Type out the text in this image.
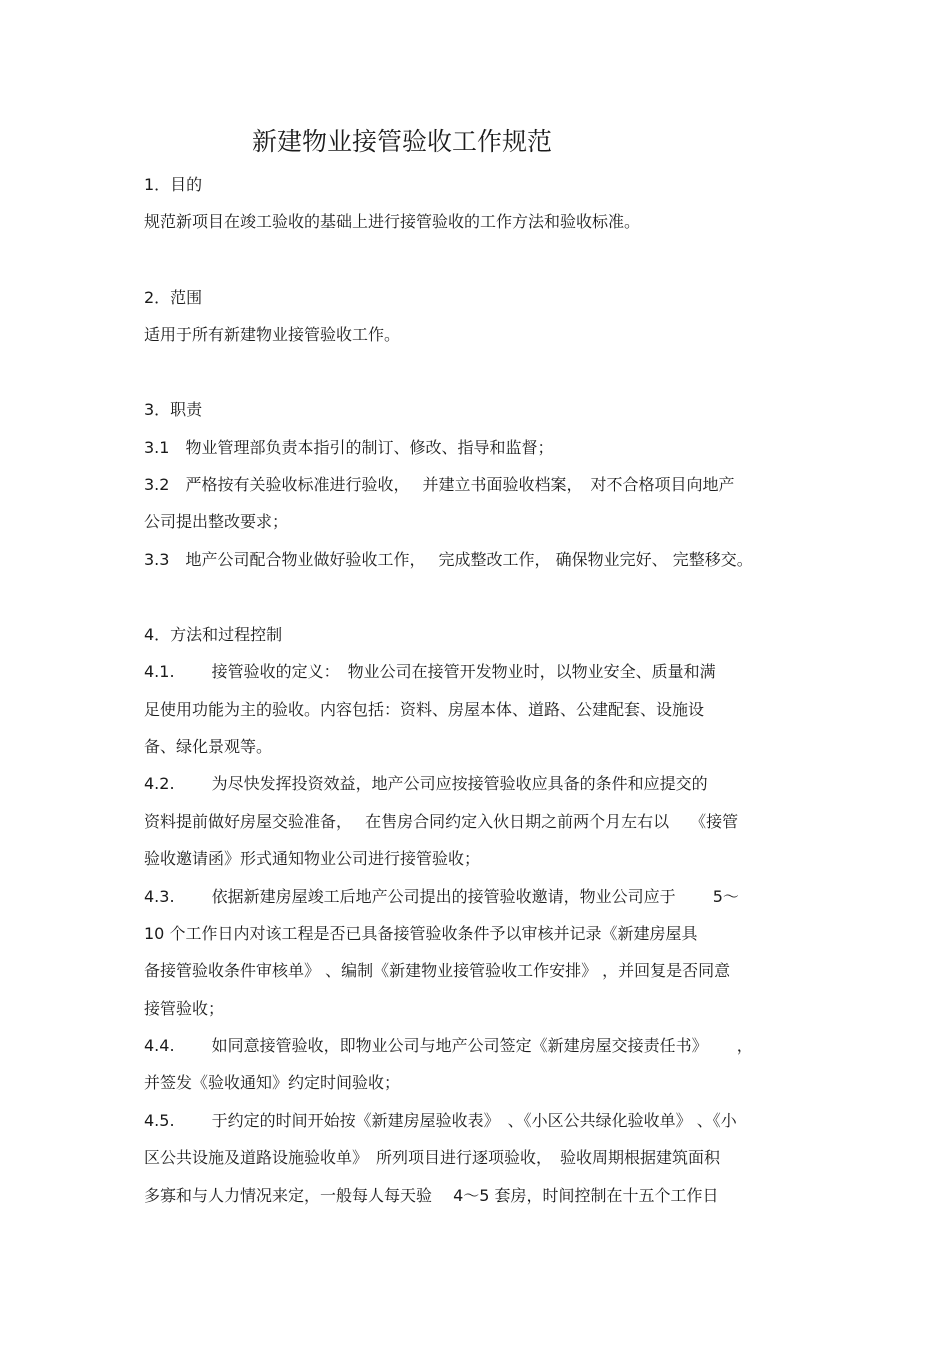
新建物业接管验收工作规范
1．目的
规范新项目在竣工验收的基础上进行接管验收的工作方法和验收标准。
2．范围
适用于所有新建物业接管验收工作。
3．职责
3.1　物业管理部负责本指引的制订、修改、指导和监督；
3.2　严格按有关验收标准进行验收，　 并建立书面验收档案，　对不合格项目向地产
公司提出整改要求；
3.3　地产公司配合物业做好验收工作，　 完成整改工作， 确保物业完好、 完整移交。
4．方法和过程控制
4.1.　　 接管验收的定义：　物业公司在接管开发物业时，以物业安全、质量和满
足使用功能为主的验收。内容包括：资料、房屋本体、道路、公建配套、设施设
备、绿化景观等。
4.2.　　 为尽快发挥投资效益，地产公司应按接管验收应具备的条件和应提交的
资料提前做好房屋交验准备，　 在售房合同约定入伙日期之前两个月左右以　 《接管
验收邀请函》形式通知物业公司进行接管验收；
4.3.　　 依据新建房屋竣工后地产公司提出的接管验收邀请，物业公司应于　　 5～
10 个工作日内对该工程是否已具备接管验收条件予以审核并记录《新建房屋具
备接管验收条件审核单》 、编制《新建物业接管验收工作安排》 ，并回复是否同意
接管验收；
4.4.　　 如同意接管验收，即物业公司与地产公司签定《新建房屋交接责任书》　　 ，
并签发《验收通知》约定时间验收；
4.5.　　 于约定的时间开始按《新建房屋验收表》　、《小区公共绿化验收单》 、《小
区公共设施及道路设施验收单》　所列项目进行逐项验收，　验收周期根据建筑面积
多寡和与人力情况来定，一般每人每天验　 4～5 套房，时间控制在十五个工作日
